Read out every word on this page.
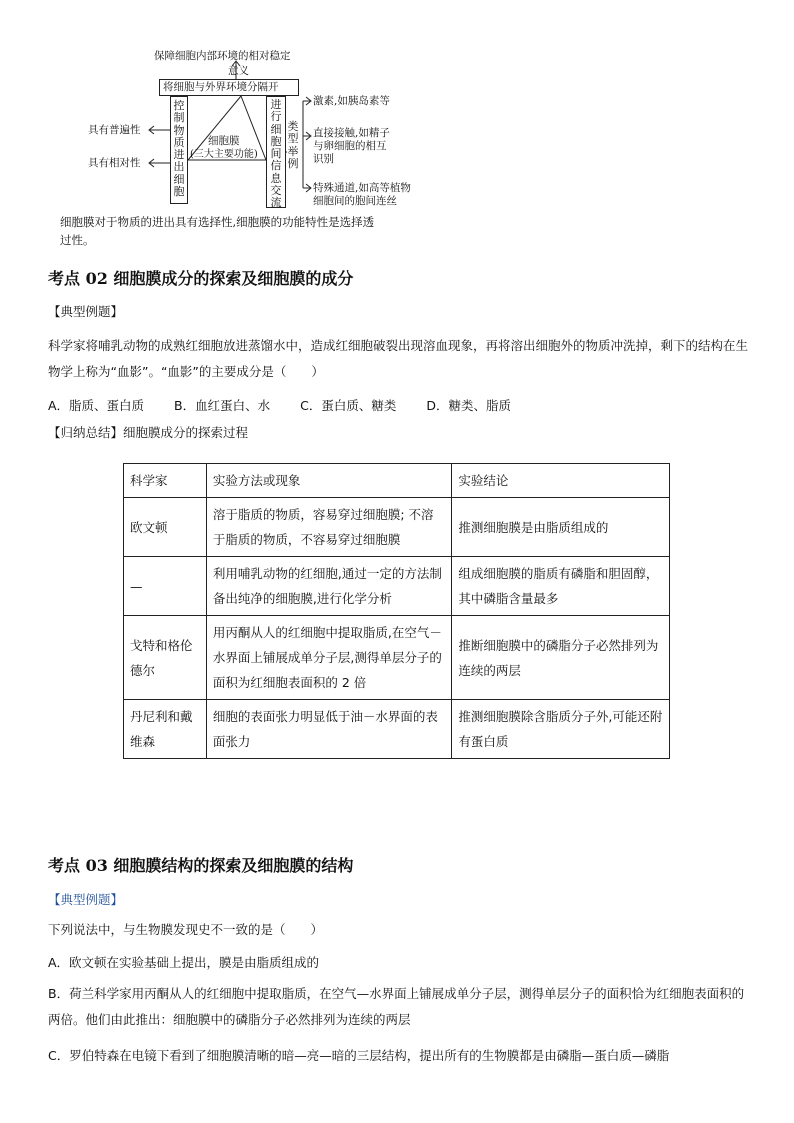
保障细胞内部环境的相对稳定
意义
将细胞与外界环境分隔开
控制物质进出细胞
进行细胞间信息交流
类型举例
细胞膜
(三大主要功能)
具有普遍性
具有相对性
激素,如胰岛素等
直接接触,如精子
与卵细胞的相互
识别
特殊通道,如高等植物
细胞间的胞间连丝
细胞膜对于物质的进出具有选择性,细胞膜的功能特性是选择透
过性。
考点 02 细胞膜成分的探索及细胞膜的成分
【典型例题】
科学家将哺乳动物的成熟红细胞放进蒸馏水中，造成红细胞破裂出现溶血现象，再将溶出细胞外的物质冲洗掉，剩下的结构在生物学上称为“血影”。“血影”的主要成分是（　　）
A．脂质、蛋白质 B．血红蛋白、水 C．蛋白质、糖类 D．糖类、脂质
【归纳总结】细胞膜成分的探索过程
科学家	实验方法或现象	实验结论
欧文顿	溶于脂质的物质，容易穿过细胞膜; 不溶于脂质的物质，不容易穿过细胞膜	推测细胞膜是由脂质组成的
—	利用哺乳动物的红细胞,通过一定的方法制备出纯净的细胞膜,进行化学分析	组成细胞膜的脂质有磷脂和胆固醇，其中磷脂含量最多
戈特和格伦德尔	用丙酮从人的红细胞中提取脂质,在空气－水界面上铺展成单分子层,测得单层分子的面积为红细胞表面积的 2 倍	推断细胞膜中的磷脂分子必然排列为连续的两层
丹尼利和戴维森	细胞的表面张力明显低于油－水界面的表面张力	推测细胞膜除含脂质分子外,可能还附有蛋白质
考点 03 细胞膜结构的探索及细胞膜的结构
【典型例题】
下列说法中，与生物膜发现史不一致的是（　　）
A．欧文顿在实验基础上提出，膜是由脂质组成的
B．荷兰科学家用丙酮从人的红细胞中提取脂质，在空气—水界面上铺展成单分子层，测得单层分子的面积恰为红细胞表面积的两倍。他们由此推出：细胞膜中的磷脂分子必然排列为连续的两层
C．罗伯特森在电镜下看到了细胞膜清晰的暗—亮—暗的三层结构，提出所有的生物膜都是由磷脂—蛋白质—磷脂
